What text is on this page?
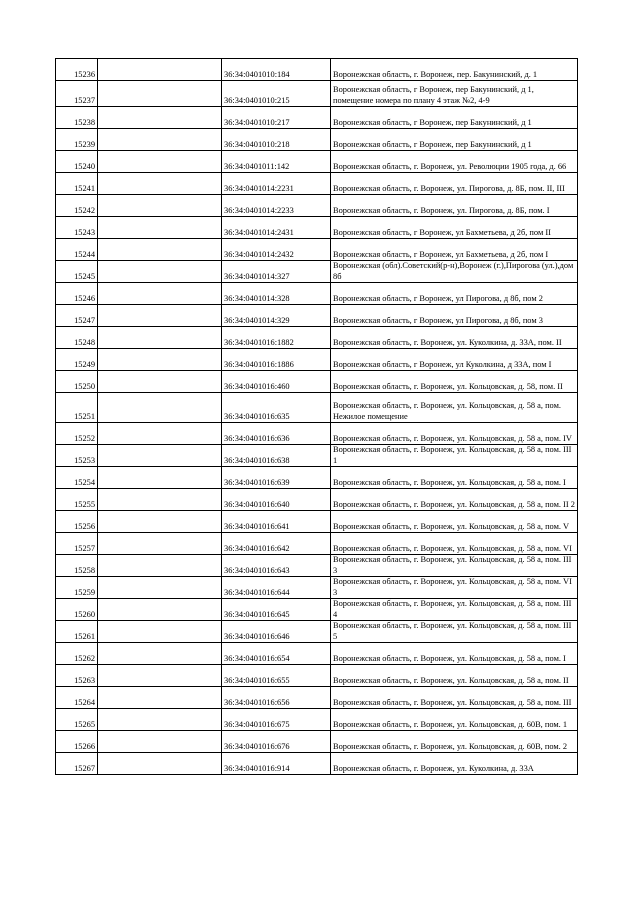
15236		36:34:0401010:184	Воронежская область, г. Воронеж, пер. Бакунинский, д. 1
15237		36:34:0401010:215	Воронежская область, г Воронеж, пер Бакунинский, д 1, помещение номера по плану 4 этаж №2, 4-9
15238		36:34:0401010:217	Воронежская область, г Воронеж, пер Бакунинский, д 1
15239		36:34:0401010:218	Воронежская область, г Воронеж, пер Бакунинский, д 1
15240		36:34:0401011:142	Воронежская область, г. Воронеж, ул. Революции 1905 года, д. 66
15241		36:34:0401014:2231	Воронежская область, г. Воронеж, ул. Пирогова, д. 8Б, пом. II, III
15242		36:34:0401014:2233	Воронежская область, г. Воронеж, ул. Пирогова, д. 8Б, пом. I
15243		36:34:0401014:2431	Воронежская область, г Воронеж, ул Бахметьева, д 2б, пом II
15244		36:34:0401014:2432	Воронежская область, г Воронеж, ул Бахметьева, д 2б, пом I
15245		36:34:0401014:327	Воронежская (обл).Советский(р-н),Воронеж (г.),Пирогова (ул.),дом 8б
15246		36:34:0401014:328	Воронежская область, г Воронеж, ул Пирогова, д 8б, пом 2
15247		36:34:0401014:329	Воронежская область, г Воронеж, ул Пирогова, д 8б, пом 3
15248		36:34:0401016:1882	Воронежская область, г. Воронеж, ул. Куколкина, д. 33А, пом. II
15249		36:34:0401016:1886	Воронежская область, г Воронеж, ул Куколкина, д 33А, пом I
15250		36:34:0401016:460	Воронежская область, г. Воронеж, ул. Кольцовская, д. 58, пом. II
15251		36:34:0401016:635	Воронежская область, г. Воронеж, ул. Кольцовская, д. 58 а, пом. Нежилое помещение
15252		36:34:0401016:636	Воронежская область, г. Воронеж, ул. Кольцовская, д. 58 а, пом. IV
15253		36:34:0401016:638	Воронежская область, г. Воронеж, ул. Кольцовская, д. 58 а, пом. III 1
15254		36:34:0401016:639	Воронежская область, г. Воронеж, ул. Кольцовская, д. 58 а, пом. I
15255		36:34:0401016:640	Воронежская область, г. Воронеж, ул. Кольцовская, д. 58 а, пом. II 2
15256		36:34:0401016:641	Воронежская область, г. Воронеж, ул. Кольцовская, д. 58 а, пом. V
15257		36:34:0401016:642	Воронежская область, г. Воронеж, ул. Кольцовская, д. 58 а, пом. VI
15258		36:34:0401016:643	Воронежская область, г. Воронеж, ул. Кольцовская, д. 58 а, пом. III 3
15259		36:34:0401016:644	Воронежская область, г. Воронеж, ул. Кольцовская, д. 58 а, пом. VI 3
15260		36:34:0401016:645	Воронежская область, г. Воронеж, ул. Кольцовская, д. 58 а, пом. III 4
15261		36:34:0401016:646	Воронежская область, г. Воронеж, ул. Кольцовская, д. 58 а, пом. III 5
15262		36:34:0401016:654	Воронежская область, г. Воронеж, ул. Кольцовская, д. 58 а, пом. I
15263		36:34:0401016:655	Воронежская область, г. Воронеж, ул. Кольцовская, д. 58 а, пом. II
15264		36:34:0401016:656	Воронежская область, г. Воронеж, ул. Кольцовская, д. 58 а, пом. III
15265		36:34:0401016:675	Воронежская область, г. Воронеж, ул. Кольцовская, д. 60В, пом. 1
15266		36:34:0401016:676	Воронежская область, г. Воронеж, ул. Кольцовская, д. 60В, пом. 2
15267		36:34:0401016:914	Воронежская область, г. Воронеж, ул. Куколкина, д. 33А
